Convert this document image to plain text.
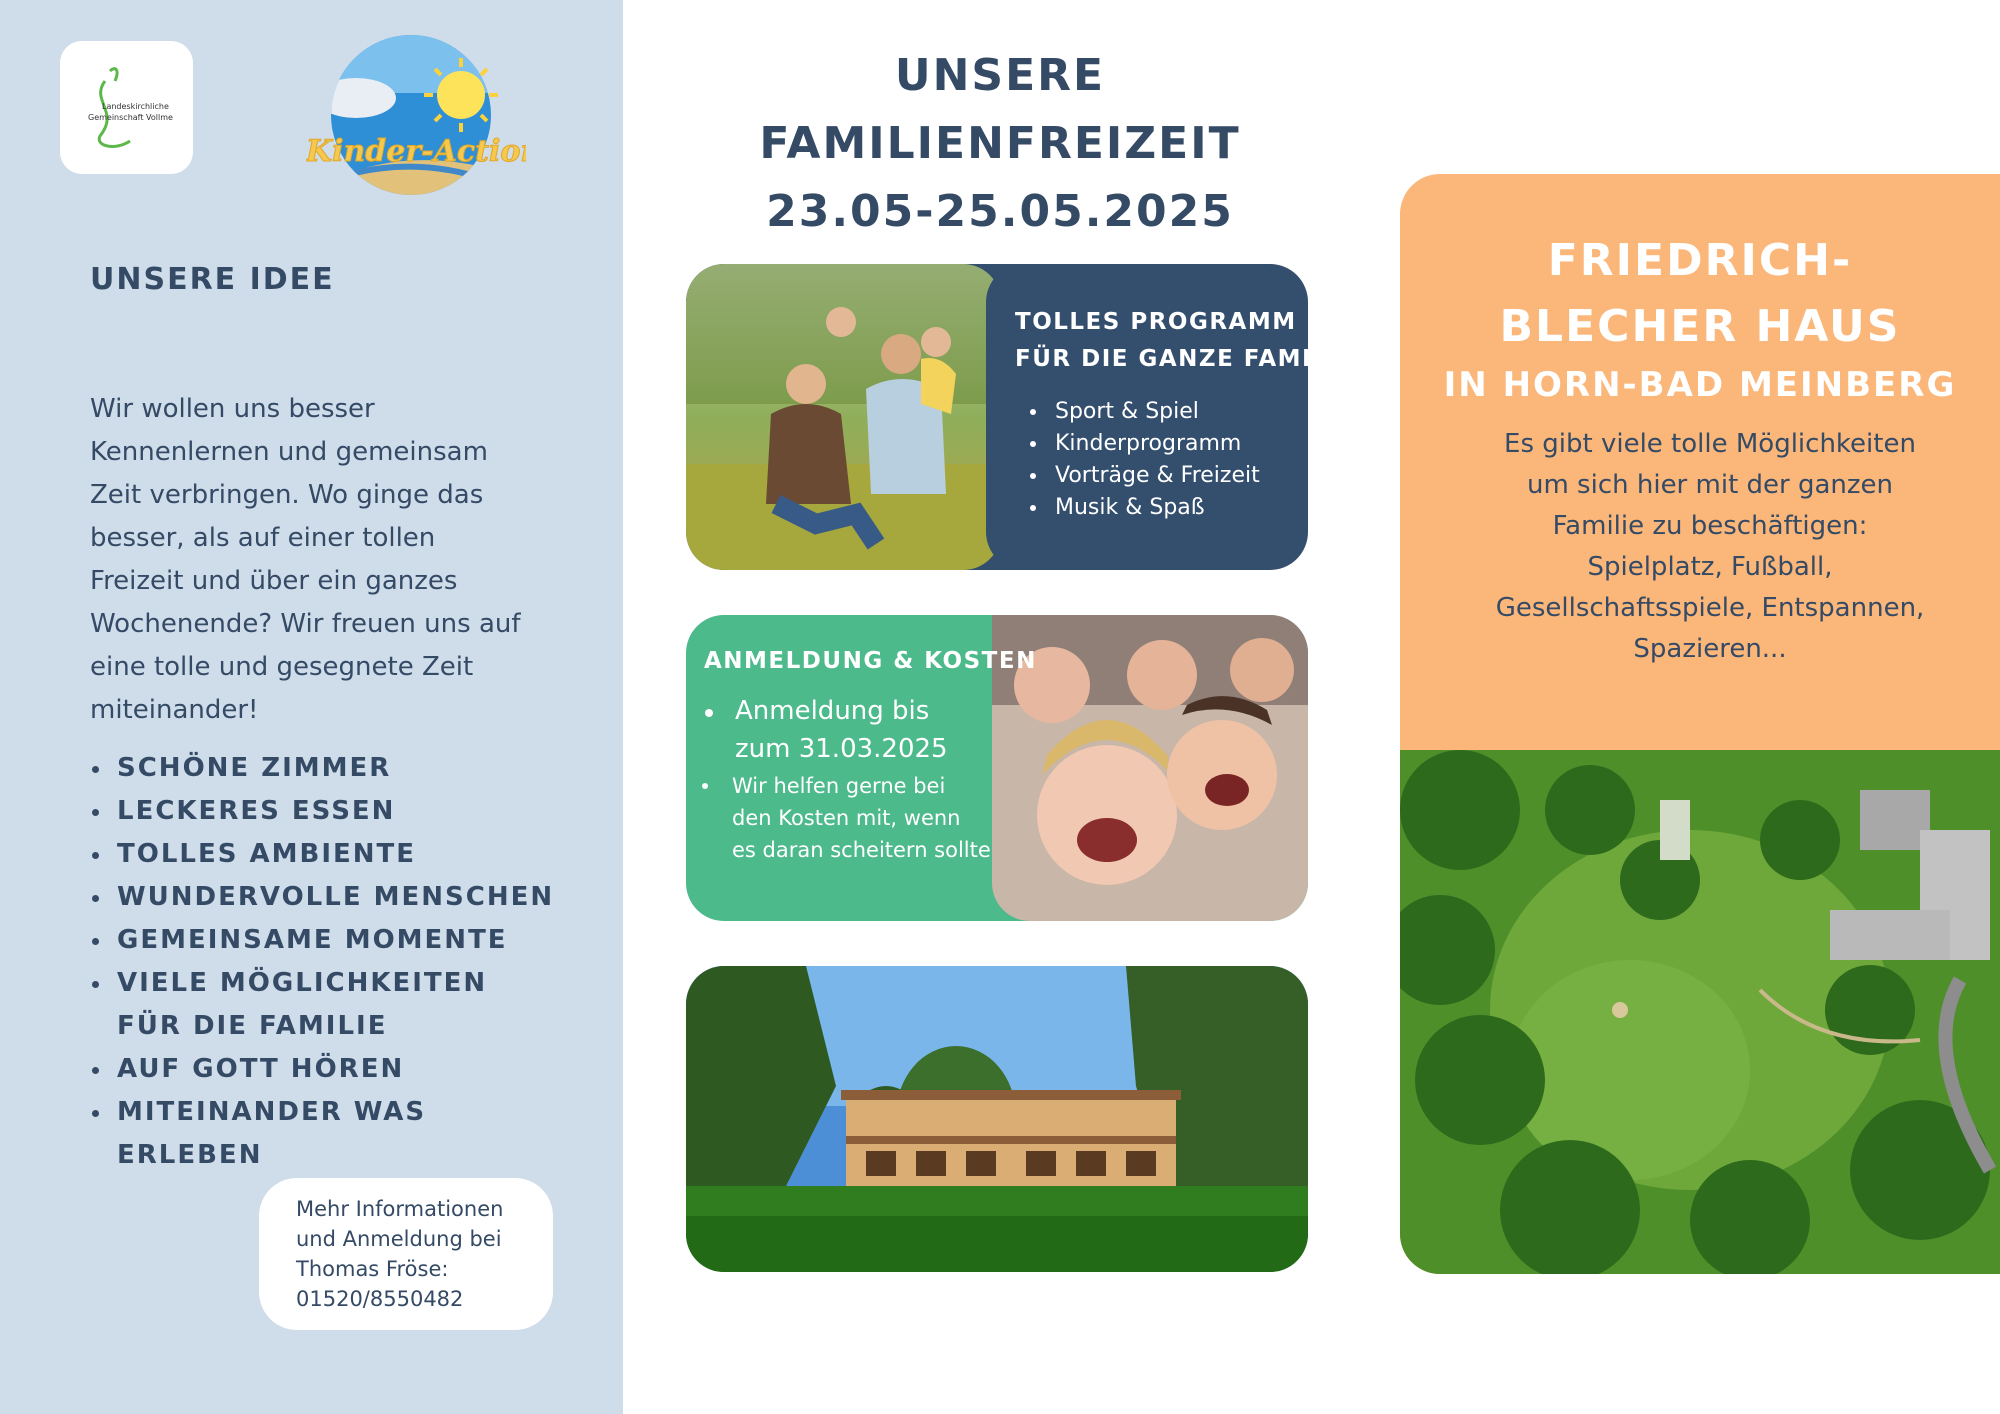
Landeskirchliche
Gemeinschaft Vollme
Kinder-Action
UNSERE IDEE

Wir wollen uns besser Kennenlernen und gemeinsam Zeit verbringen. Wo ginge das besser, als auf einer tollen Freizeit und über ein ganzes Wochenende? Wir freuen uns auf eine tolle und gesegnete Zeit miteinander!

SCHÖNE ZIMMER
LECKERES ESSEN
TOLLES AMBIENTE
WUNDERVOLLE MENSCHEN
GEMEINSAME MOMENTE
VIELE MÖGLICHKEITEN FÜR DIE FAMILIE
AUF GOTT HÖREN
MITEINANDER WAS ERLEBEN

Mehr Informationen und Anmeldung bei Thomas Fröse: 01520/8550482

UNSERE FAMILIENFREIZEIT
23.05-25.05.2025

TOLLES PROGRAMM
FÜR DIE GANZE FAMILIE

Sport & Spiel
Kinderprogramm
Vorträge & Freizeit
Musik & Spaß

ANMELDUNG & KOSTEN

Anmeldung bis
zum 31.03.2025
Wir helfen gerne bei
den Kosten mit, wenn
es daran scheitern sollte
FRIEDRICH-
BLECHER HAUS
IN HORN-BAD MEINBERG

Es gibt viele tolle Möglichkeiten
um sich hier mit der ganzen
Familie zu beschäftigen:
Spielplatz, Fußball,
Gesellschaftsspiele, Entspannen,
Spazieren...
